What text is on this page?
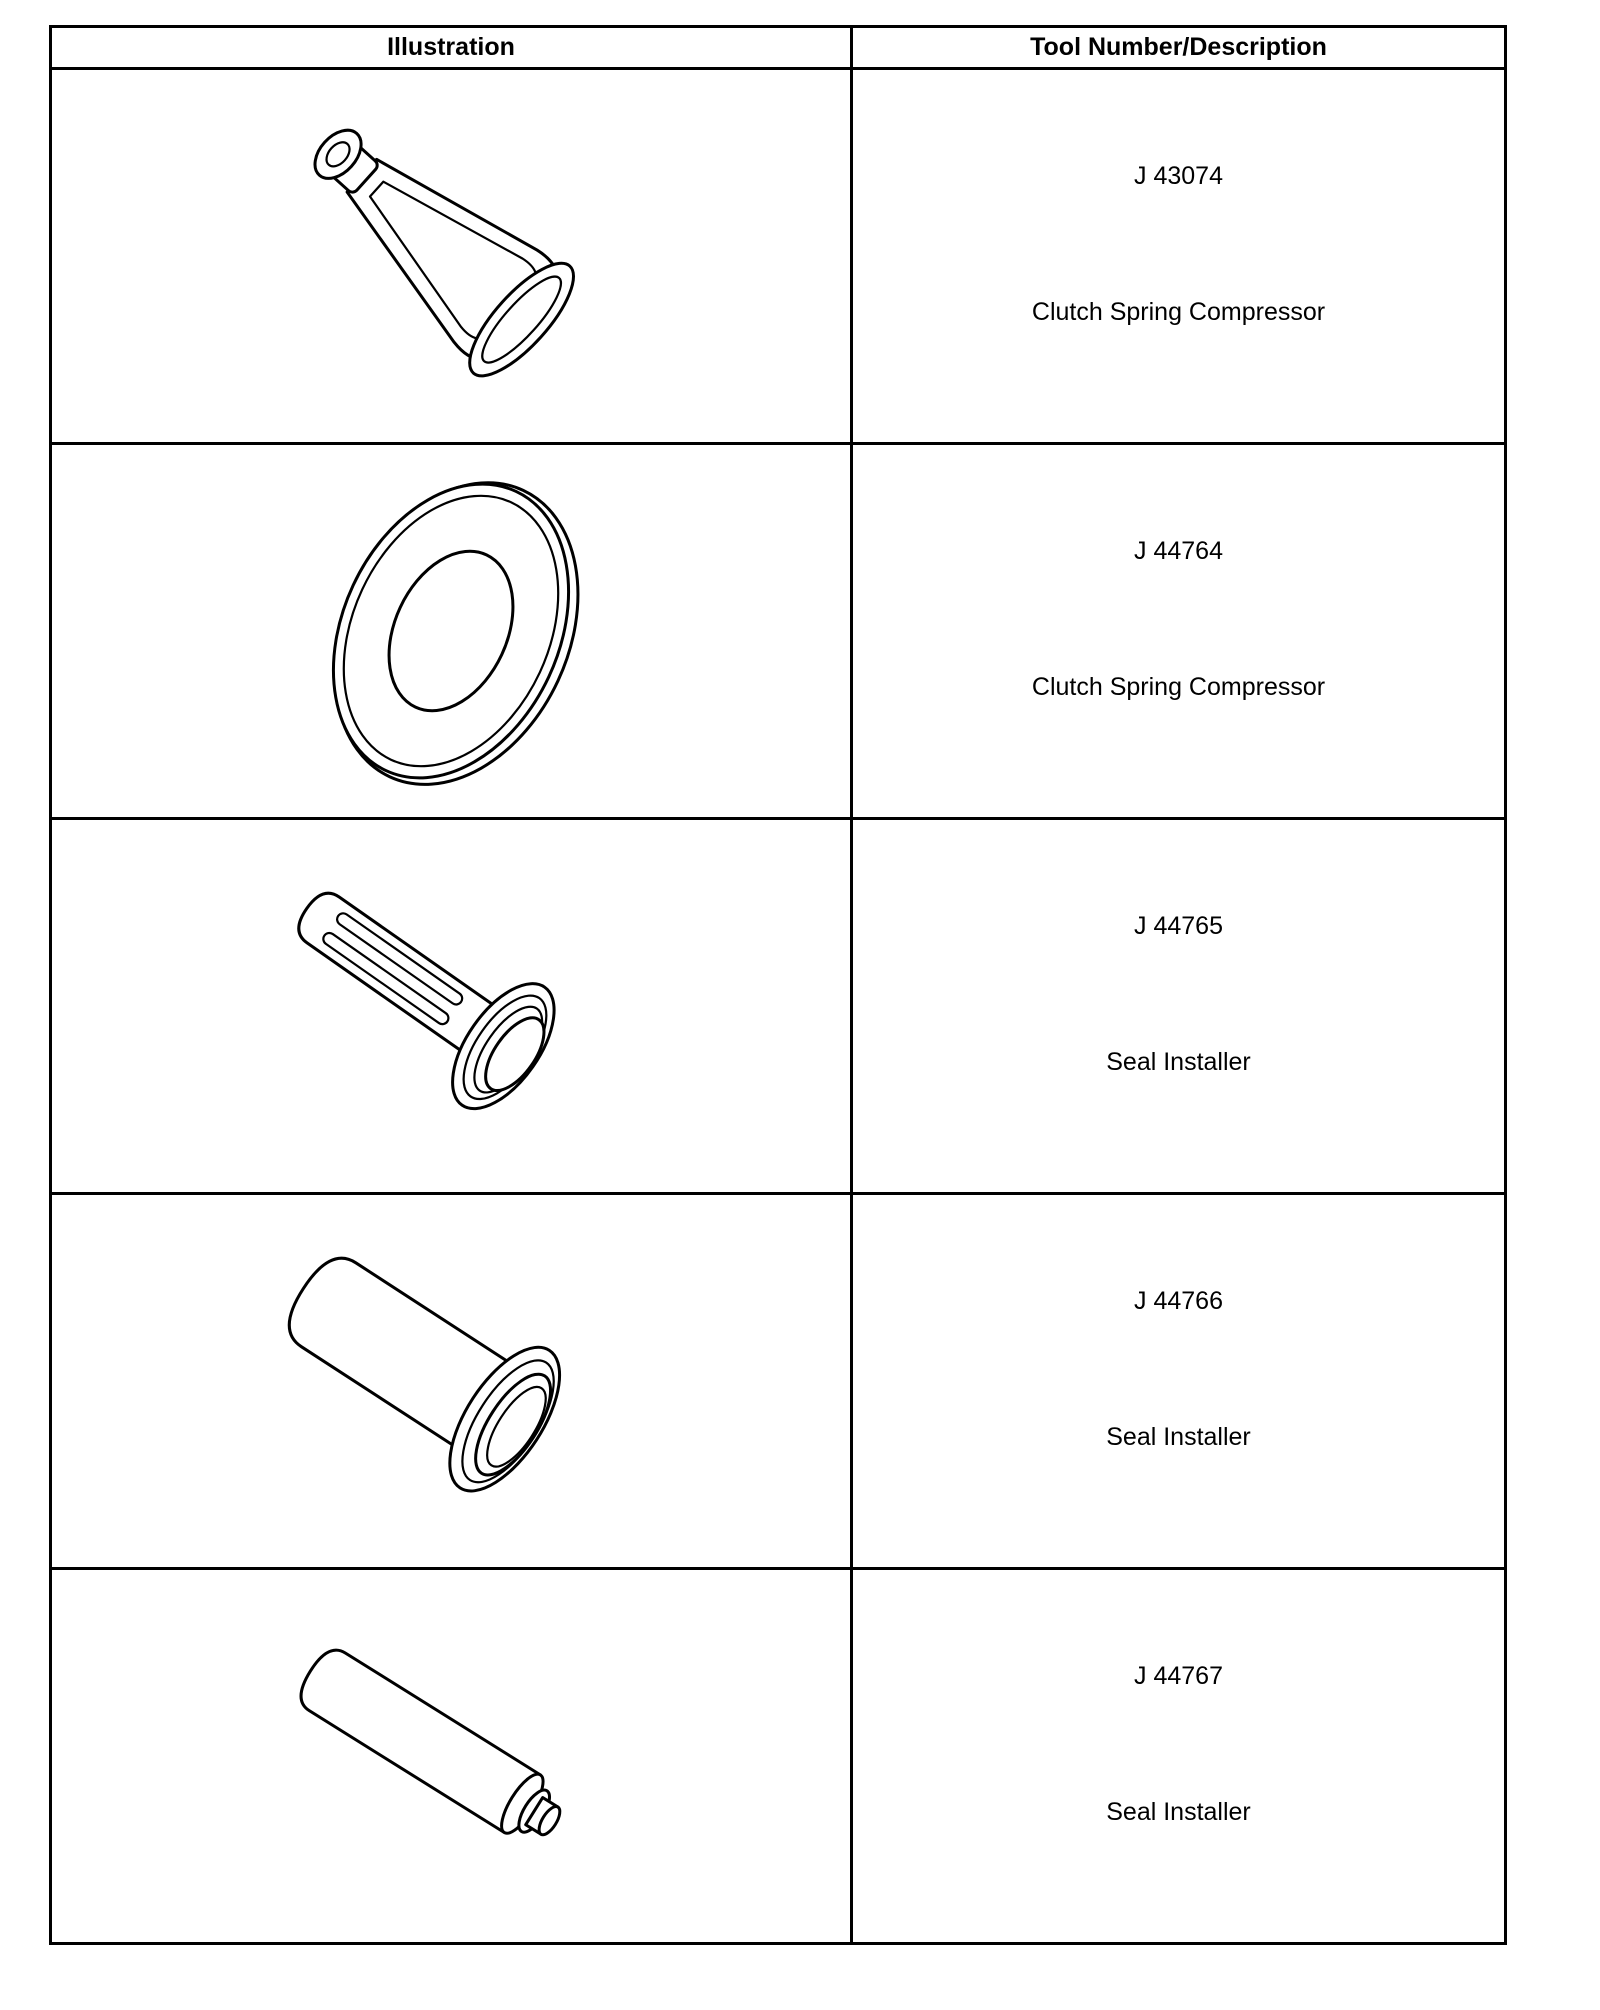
Illustration	Tool Number/Description

J 43074
Clutch Spring Compressor

J 44764
Clutch Spring Compressor

J 44765
Seal Installer

J 44766
Seal Installer

J 44767
Seal Installer
